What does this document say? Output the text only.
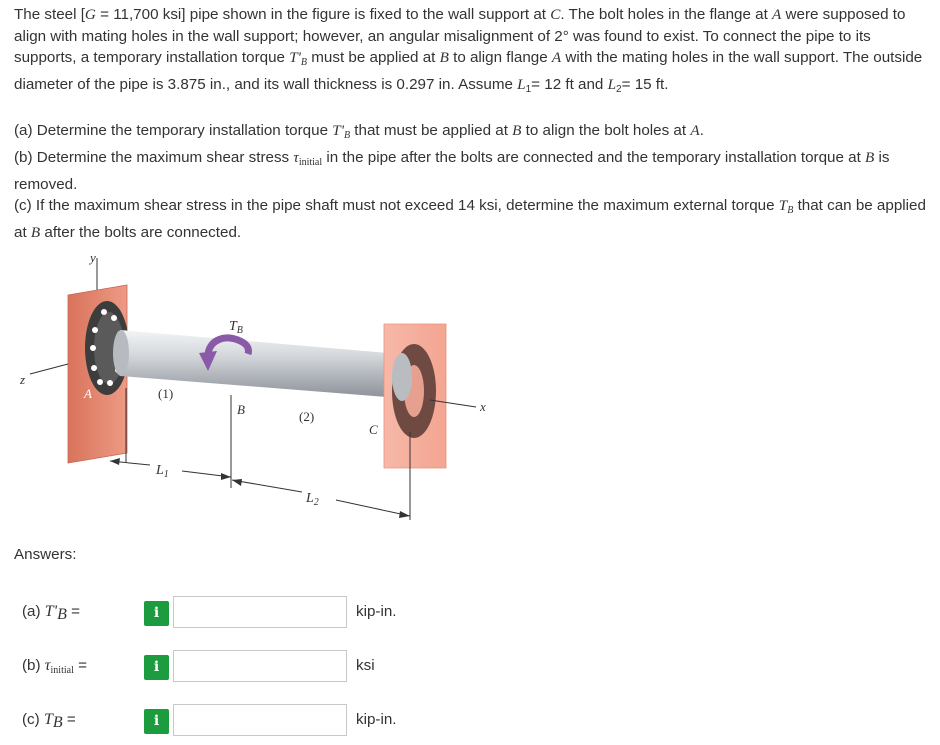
The steel [G = 11,700 ksi] pipe shown in the figure is fixed to the wall support at C. The bolt holes in the flange at A were supposed to align with mating holes in the wall support; however, an angular misalignment of 2° was found to exist. To connect the pipe to its supports, a temporary installation torque $T'_B$ must be applied at B to align flange A with the mating holes in the wall support. The outside diameter of the pipe is 3.875 in., and its wall thickness is 0.297 in. Assume $L_1= 12$ ft and $L_2= 15$ ft.

(a) Determine the temporary installation torque $T'_B$ that must be applied at B to align the bolt holes at A.

(b) Determine the maximum shear stress $\tau_{initial}$ in the pipe after the bolts are connected and the temporary installation torque at B is removed.

(c) If the maximum shear stress in the pipe shaft must not exceed 14 ksi, determine the maximum external torque $T_B$ that can be applied at B after the bolts are connected.

y
A
z
x
$T_B$
B
(1)
(2)
C
$L_1$
$L_2$
Answers:
(a) $T'_B$ =	i	kip-in.
(b) $\tau_{initial}$ =	i	ksi
(c) $T_B$ =	i	kip-in.
